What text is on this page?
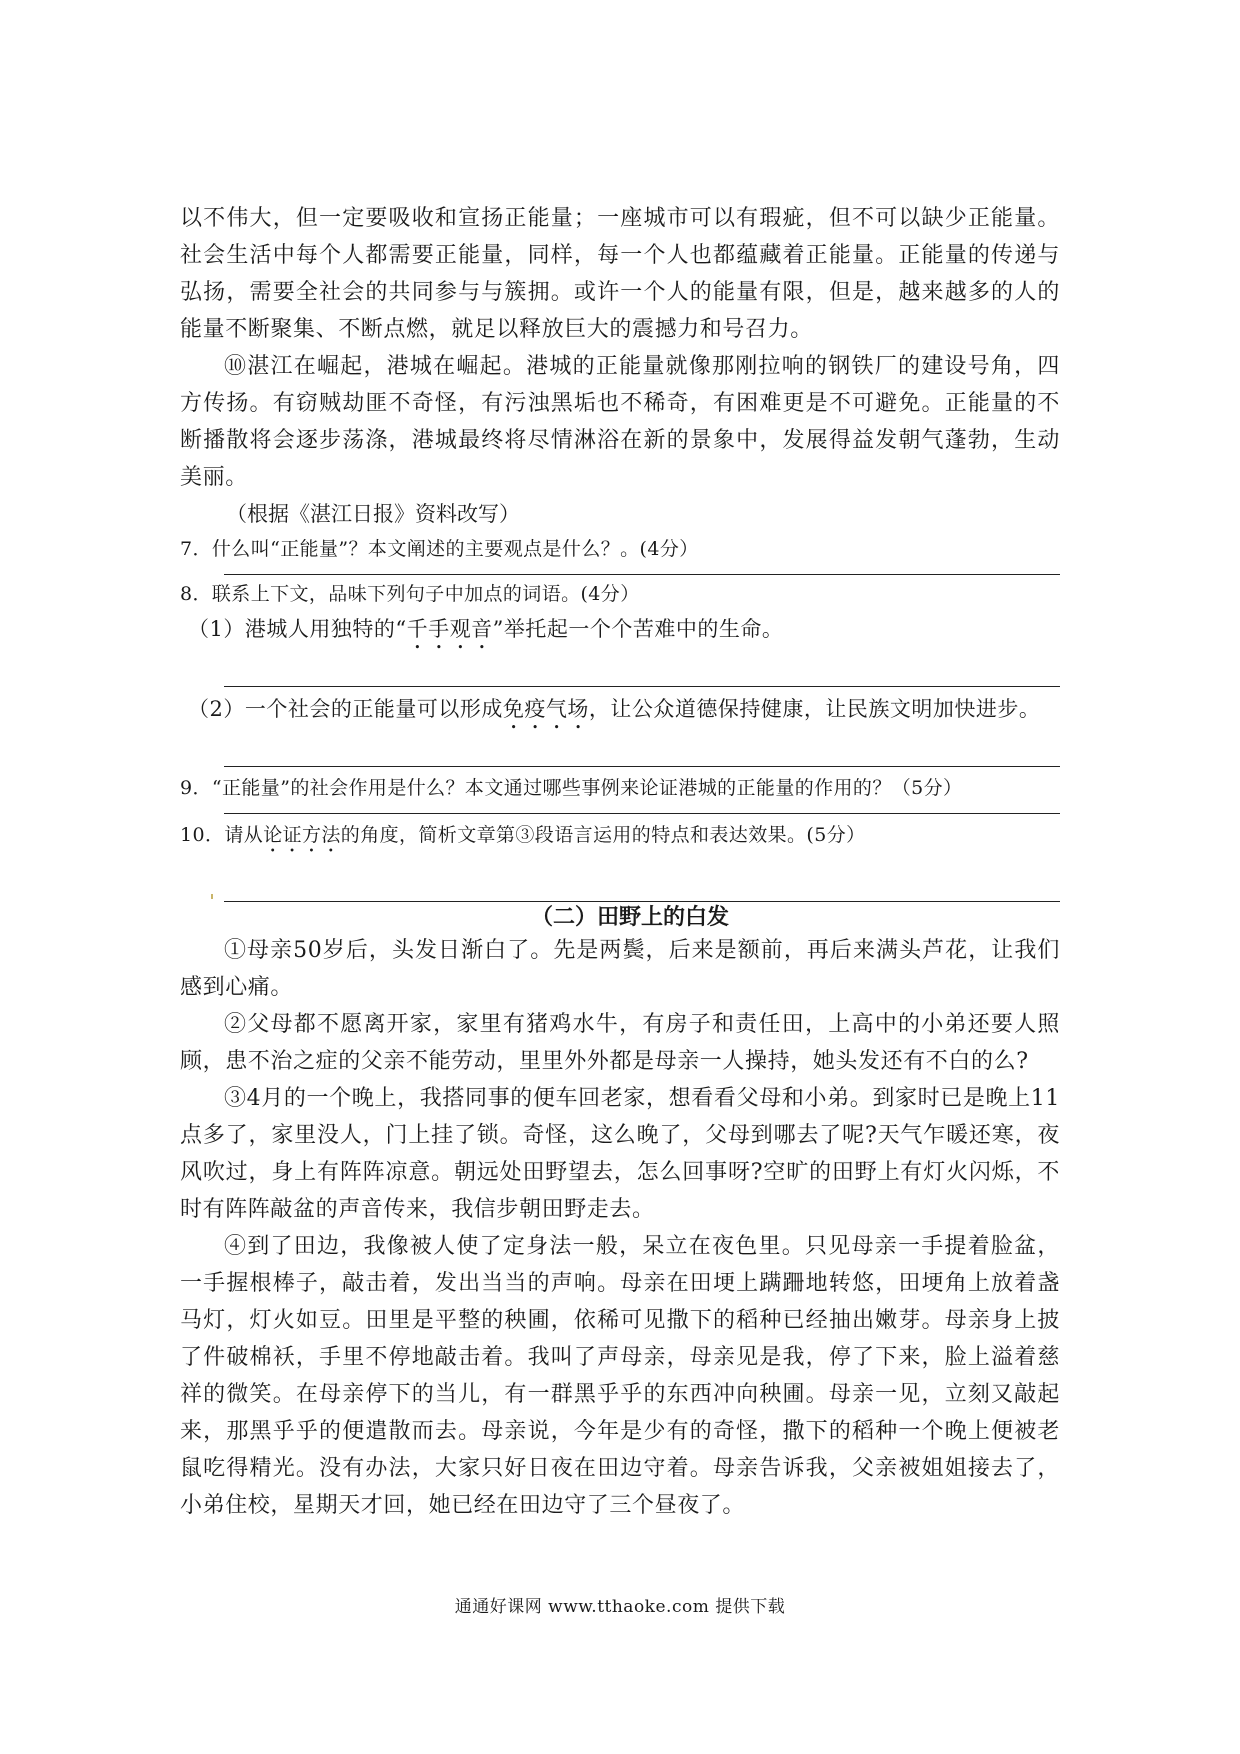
以不伟大，但一定要吸收和宣扬正能量；一座城市可以有瑕疵，但不可以缺少正能量。社会生活中每个人都需要正能量，同样，每一个人也都蕴藏着正能量。正能量的传递与弘扬，需要全社会的共同参与与簇拥。或许一个人的能量有限，但是，越来越多的人的能量不断聚集、不断点燃，就足以释放巨大的震撼力和号召力。

⑩湛江在崛起，港城在崛起。港城的正能量就像那刚拉响的钢铁厂的建设号角，四方传扬。有窃贼劫匪不奇怪，有污浊黑垢也不稀奇，有困难更是不可避免。正能量的不断播散将会逐步荡涤，港城最终将尽情淋浴在新的景象中，发展得益发朝气蓬勃，生动美丽。

（根据《湛江日报》资料改写）

7．什么叫“正能量”？本文阐述的主要观点是什么？。(4分）

8．联系上下文，品味下列句子中加点的词语。(4分）

（1）港城人用独特的“千手观音”举托起一个个苦难中的生命。

（2）一个社会的正能量可以形成免疫气场，让公众道德保持健康，让民族文明加快进步。

9．“正能量”的社会作用是什么？本文通过哪些事例来论证港城的正能量的作用的？（5分）

10．请从论证方法的角度，简析文章第③段语言运用的特点和表达效果。(5分）

（二）田野上的白发

①母亲50岁后，头发日渐白了。先是两鬓，后来是额前，再后来满头芦花，让我们感到心痛。

②父母都不愿离开家，家里有猪鸡水牛，有房子和责任田，上高中的小弟还要人照顾，患不治之症的父亲不能劳动，里里外外都是母亲一人操持，她头发还有不白的么?

③4月的一个晚上，我搭同事的便车回老家，想看看父母和小弟。到家时已是晚上11点多了，家里没人，门上挂了锁。奇怪，这么晚了，父母到哪去了呢?天气乍暖还寒，夜风吹过，身上有阵阵凉意。朝远处田野望去，怎么回事呀?空旷的田野上有灯火闪烁，不时有阵阵敲盆的声音传来，我信步朝田野走去。

④到了田边，我像被人使了定身法一般，呆立在夜色里。只见母亲一手提着脸盆，一手握根棒子，敲击着，发出当当的声响。母亲在田埂上蹒跚地转悠，田埂角上放着盏马灯，灯火如豆。田里是平整的秧圃，依稀可见撒下的稻种已经抽出嫩芽。母亲身上披了件破棉袄，手里不停地敲击着。我叫了声母亲，母亲见是我，停了下来，脸上溢着慈祥的微笑。在母亲停下的当儿，有一群黑乎乎的东西冲向秧圃。母亲一见，立刻又敲起来，那黑乎乎的便遣散而去。母亲说，今年是少有的奇怪，撒下的稻种一个晚上便被老鼠吃得精光。没有办法，大家只好日夜在田边守着。母亲告诉我，父亲被姐姐接去了，小弟住校，星期天才回，她已经在田边守了三个昼夜了。

通通好课网 www.tthaoke.com 提供下载
